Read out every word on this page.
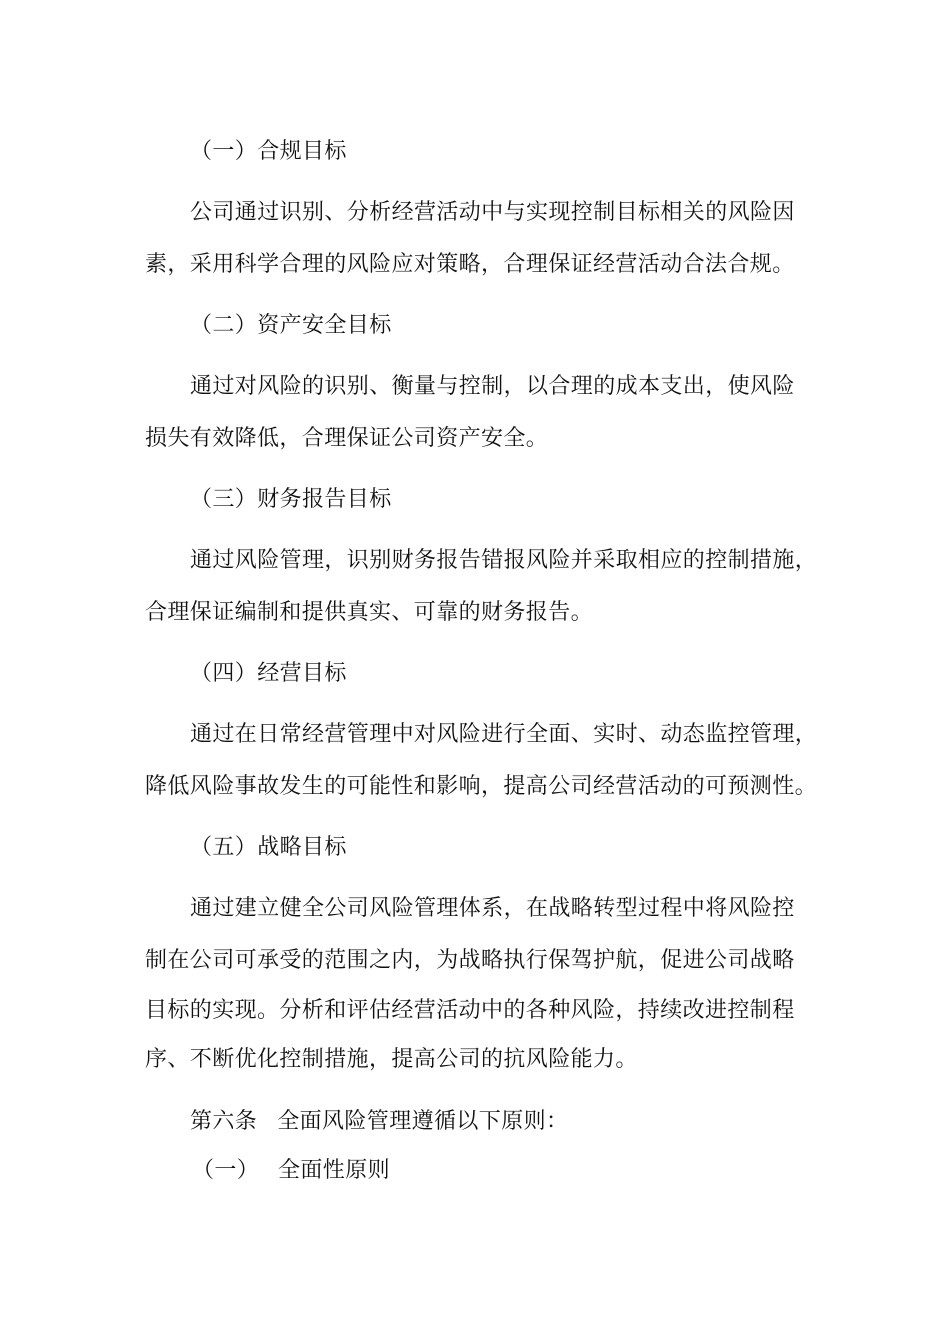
（一）合规目标
公司通过识别、分析经营活动中与实现控制目标相关的风险因
素，采用科学合理的风险应对策略，合理保证经营活动合法合规。
（二）资产安全目标
通过对风险的识别、衡量与控制，以合理的成本支出，使风险
损失有效降低，合理保证公司资产安全。
（三）财务报告目标
通过风险管理，识别财务报告错报风险并采取相应的控制措施，
合理保证编制和提供真实、可靠的财务报告。
（四）经营目标
通过在日常经营管理中对风险进行全面、实时、动态监控管理，
降低风险事故发生的可能性和影响，提高公司经营活动的可预测性。
（五）战略目标
通过建立健全公司风险管理体系，在战略转型过程中将风险控
制在公司可承受的范围之内，为战略执行保驾护航，促进公司战略
目标的实现。分析和评估经营活动中的各种风险，持续改进控制程
序、不断优化控制措施，提高公司的抗风险能力。
第六条 全面风险管理遵循以下原则：
（一） 全面性原则
